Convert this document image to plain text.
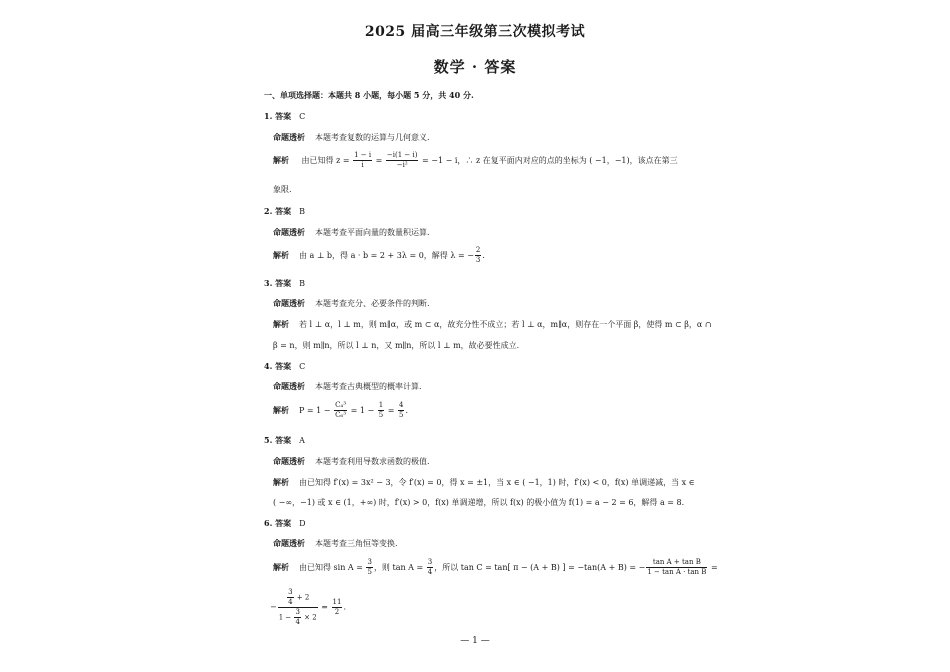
2025 届高三年级第三次模拟考试
数学 · 答案
一、单项选择题：本题共 8 小题，每小题 5 分，共 40 分.
1. 答案 C
命题透析 本题考查复数的运算与几何意义.
解析 由已知得 $z = \frac{1 - i}{i} = \frac{-i(1 - i)}{\text{−i²}} = -1 - i$，∴ z 在复平面内对应的点的坐标为 ( −1，−1)，该点在第三
象限.
2. 答案 B
命题透析 本题考查平面向量的数量积运算.
解析 由 a ⊥ b，得 a · b = 2 + 3λ = 0，解得 λ = − $\frac{2}{3}$ .
3. 答案 B
命题透析 本题考查充分、必要条件的判断.
解析 若 l ⊥ α，l ⊥ m，则 m∥α，或 m ⊂ α，故充分性不成立；若 l ⊥ α，m∥α，则存在一个平面 β，使得 m ⊂ β，α ∩
β = n，则 m∥n，所以 l ⊥ n，又 m∥n，所以 l ⊥ m，故必要性成立.
4. 答案 C
命题透析 本题考查古典概型的概率计算.
解析 $P = 1 - \frac{\text{C₄³}}{\text{C₆³}} = 1 - \frac{1}{5} = \frac{4}{5}$ .
5. 答案 A
命题透析 本题考查利用导数求函数的极值.
解析 由已知得 f′(x) = 3x² − 3，令 f′(x) = 0，得 x = ±1，当 x ∈ ( −1，1) 时，f′(x) < 0，f(x) 单调递减，当 x ∈
( −∞，−1) 或 x ∈ (1，+∞) 时，f′(x) > 0，f(x) 单调递增，所以 f(x) 的极小值为 f(1) = a − 2 = 6，解得 a = 8.
6. 答案 D
命题透析 本题考查三角恒等变换.
解析 由已知得 $\sin A = \frac{3}{5}$ ，则 $\tan A = \frac{3}{4}$ ，所以 tan C = tan[ π − (A + B) ] = −tan(A + B) = − $\frac{\text{tan A + tan B}}{\text{1 − tan A · tan B}}$ =
− $\frac{\frac{3}{4} + 2}{1 - \frac{3}{4} \times 2} = \frac{11}{2}$ .
— 1 —
